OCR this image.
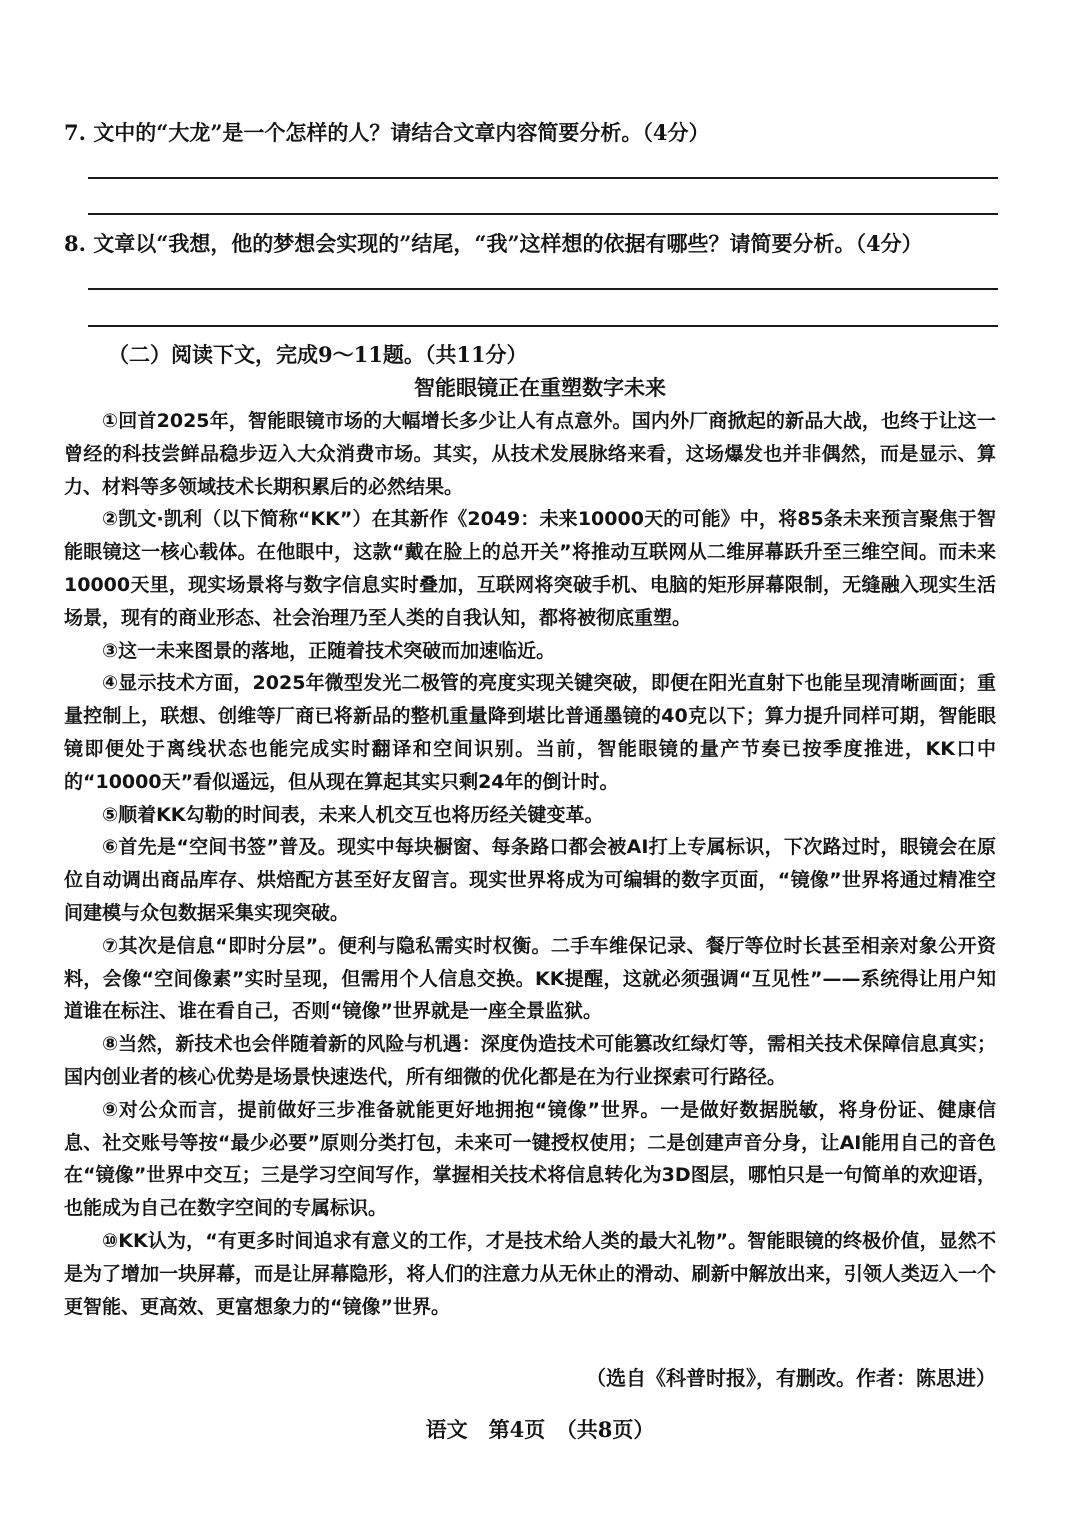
7. 文中的“大龙”是一个怎样的人？请结合文章内容简要分析。（4分）
8. 文章以“我想，他的梦想会实现的”结尾，“我”这样想的依据有哪些？请简要分析。（4分）
（二）阅读下文，完成9～11题。（共11分）
智能眼镜正在重塑数字未来

①回首2025年，智能眼镜市场的大幅增长多少让人有点意外。国内外厂商掀起的新品大战，也终于让这一曾经的科技尝鲜品稳步迈入大众消费市场。其实，从技术发展脉络来看，这场爆发也并非偶然，而是显示、算力、材料等多领域技术长期积累后的必然结果。

②凯文·凯利（以下简称“KK”）在其新作《2049：未来10000天的可能》中，将85条未来预言聚焦于智能眼镜这一核心载体。在他眼中，这款“戴在脸上的总开关”将推动互联网从二维屏幕跃升至三维空间。而未来10000天里，现实场景将与数字信息实时叠加，互联网将突破手机、电脑的矩形屏幕限制，无缝融入现实生活场景，现有的商业形态、社会治理乃至人类的自我认知，都将被彻底重塑。

③这一未来图景的落地，正随着技术突破而加速临近。

④显示技术方面，2025年微型发光二极管的亮度实现关键突破，即便在阳光直射下也能呈现清晰画面；重量控制上，联想、创维等厂商已将新品的整机重量降到堪比普通墨镜的40克以下；算力提升同样可期，智能眼镜即便处于离线状态也能完成实时翻译和空间识别。当前，智能眼镜的量产节奏已按季度推进，KK口中的“10000天”看似遥远，但从现在算起其实只剩24年的倒计时。

⑤顺着KK勾勒的时间表，未来人机交互也将历经关键变革。

⑥首先是“空间书签”普及。现实中每块橱窗、每条路口都会被AI打上专属标识，下次路过时，眼镜会在原位自动调出商品库存、烘焙配方甚至好友留言。现实世界将成为可编辑的数字页面，“镜像”世界将通过精准空间建模与众包数据采集实现突破。

⑦其次是信息“即时分层”。便利与隐私需实时权衡。二手车维保记录、餐厅等位时长甚至相亲对象公开资料，会像“空间像素”实时呈现，但需用个人信息交换。KK提醒，这就必须强调“互见性”——系统得让用户知道谁在标注、谁在看自己，否则“镜像”世界就是一座全景监狱。

⑧当然，新技术也会伴随着新的风险与机遇：深度伪造技术可能篡改红绿灯等，需相关技术保障信息真实；国内创业者的核心优势是场景快速迭代，所有细微的优化都是在为行业探索可行路径。

⑨对公众而言，提前做好三步准备就能更好地拥抱“镜像”世界。一是做好数据脱敏，将身份证、健康信息、社交账号等按“最少必要”原则分类打包，未来可一键授权使用；二是创建声音分身，让AI能用自己的音色在“镜像”世界中交互；三是学习空间写作，掌握相关技术将信息转化为3D图层，哪怕只是一句简单的欢迎语，也能成为自己在数字空间的专属标识。

⑩KK认为，“有更多时间追求有意义的工作，才是技术给人类的最大礼物”。智能眼镜的终极价值，显然不是为了增加一块屏幕，而是让屏幕隐形，将人们的注意力从无休止的滑动、刷新中解放出来，引领人类迈入一个更智能、更高效、更富想象力的“镜像”世界。

（选自《科普时报》，有删改。作者：陈思进）
语文　第4页　（共8页）
